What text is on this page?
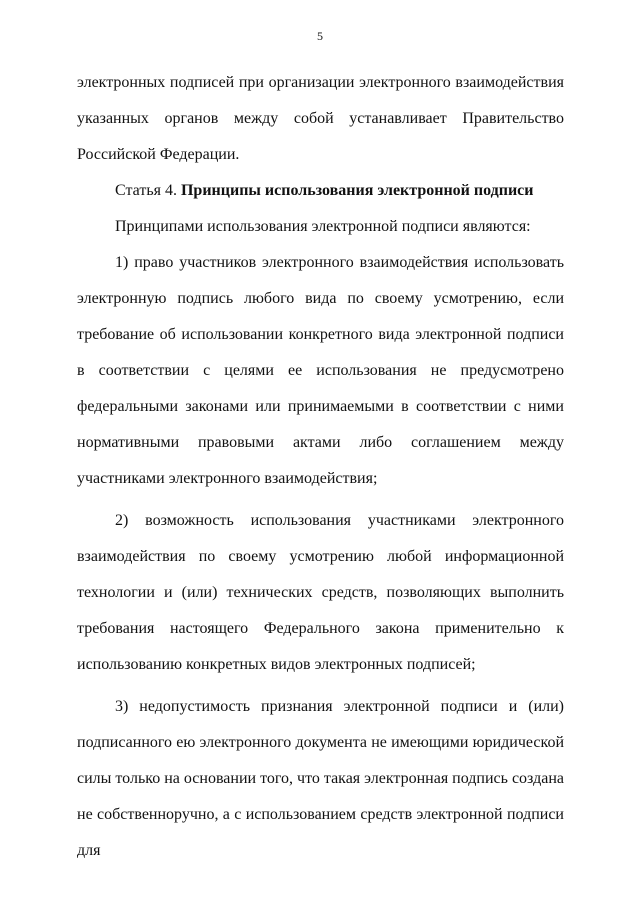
5

электронных подписей при организации электронного взаимодействия указанных органов между собой устанавливает Правительство Российской Федерации.

Статья 4. Принципы использования электронной подписи

Принципами использования электронной подписи являются:

1) право участников электронного взаимодействия использовать электронную подпись любого вида по своему усмотрению, если требование об использовании конкретного вида электронной подписи в соответствии с целями ее использования не предусмотрено федеральными законами или принимаемыми в соответствии с ними нормативными правовыми актами либо соглашением между участниками электронного взаимодействия;

2) возможность использования участниками электронного взаимодействия по своему усмотрению любой информационной технологии и (или) технических средств, позволяющих выполнить требования настоящего Федерального закона применительно к использованию конкретных видов электронных подписей;

3) недопустимость признания электронной подписи и (или) подписанного ею электронного документа не имеющими юридической силы только на основании того, что такая электронная подпись создана не собственноручно, а с использованием средств электронной подписи для
